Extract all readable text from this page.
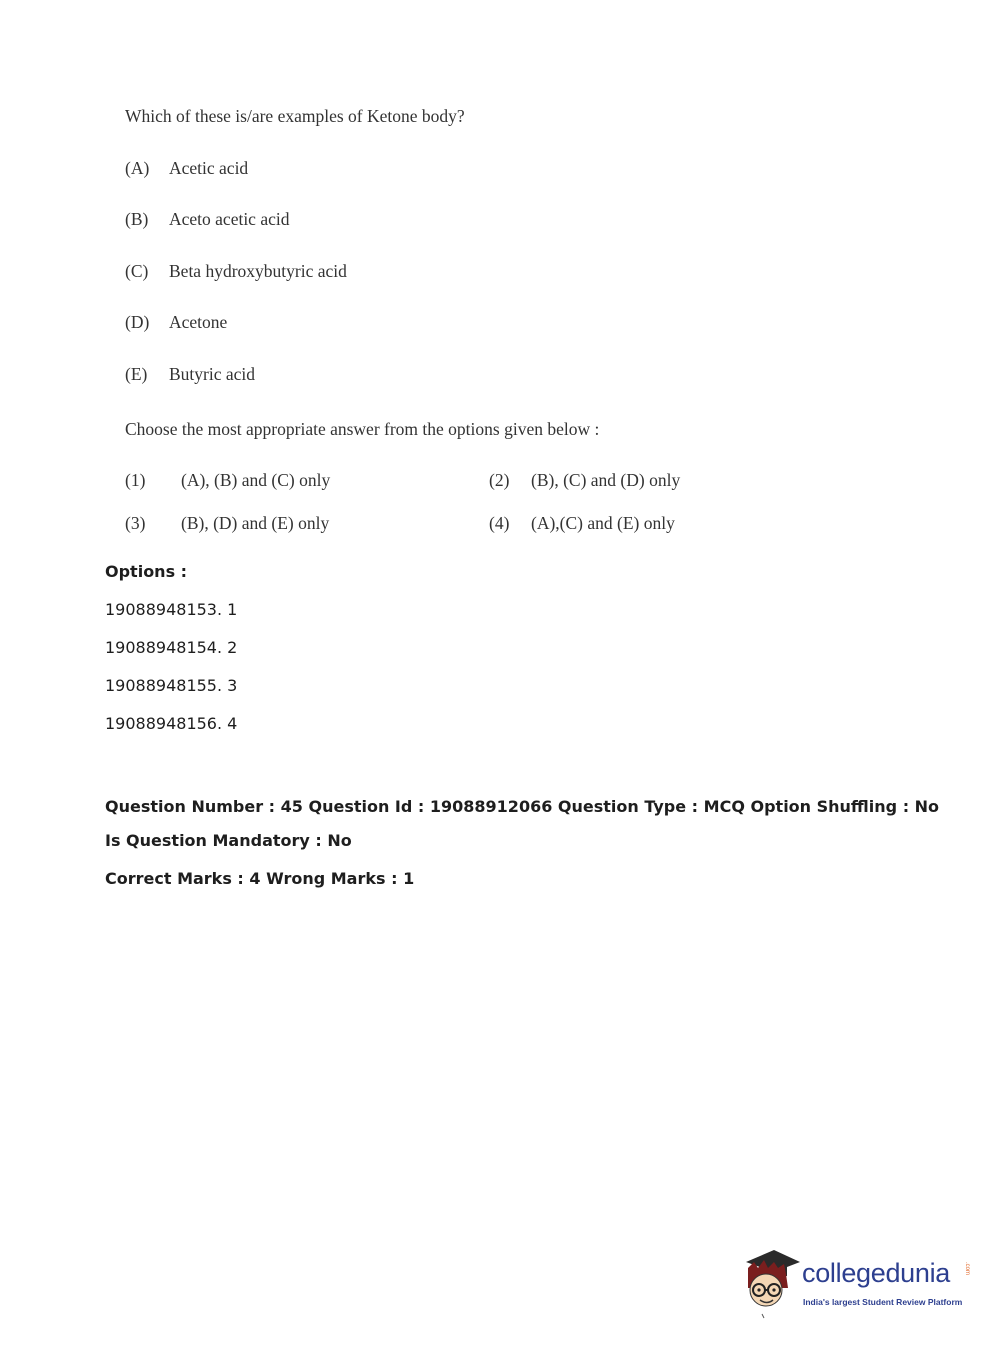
Which of these is/are examples of Ketone body?
(A) Acetic acid
(B) Aceto acetic acid
(C) Beta hydroxybutyric acid
(D) Acetone
(E) Butyric acid
Choose the most appropriate answer from the options given below :
(1) (A), (B) and (C) only	(2) (B), (C) and (D) only
(3) (B), (D) and (E) only	(4) (A),(C) and (E) only
Options :
19088948153. 1
19088948154. 2
19088948155. 3
19088948156. 4
Question Number : 45 Question Id : 19088912066 Question Type : MCQ Option Shuffling : No
Is Question Mandatory : No
Correct Marks : 4 Wrong Marks : 1
collegedunia .com
India's largest Student Review Platform
